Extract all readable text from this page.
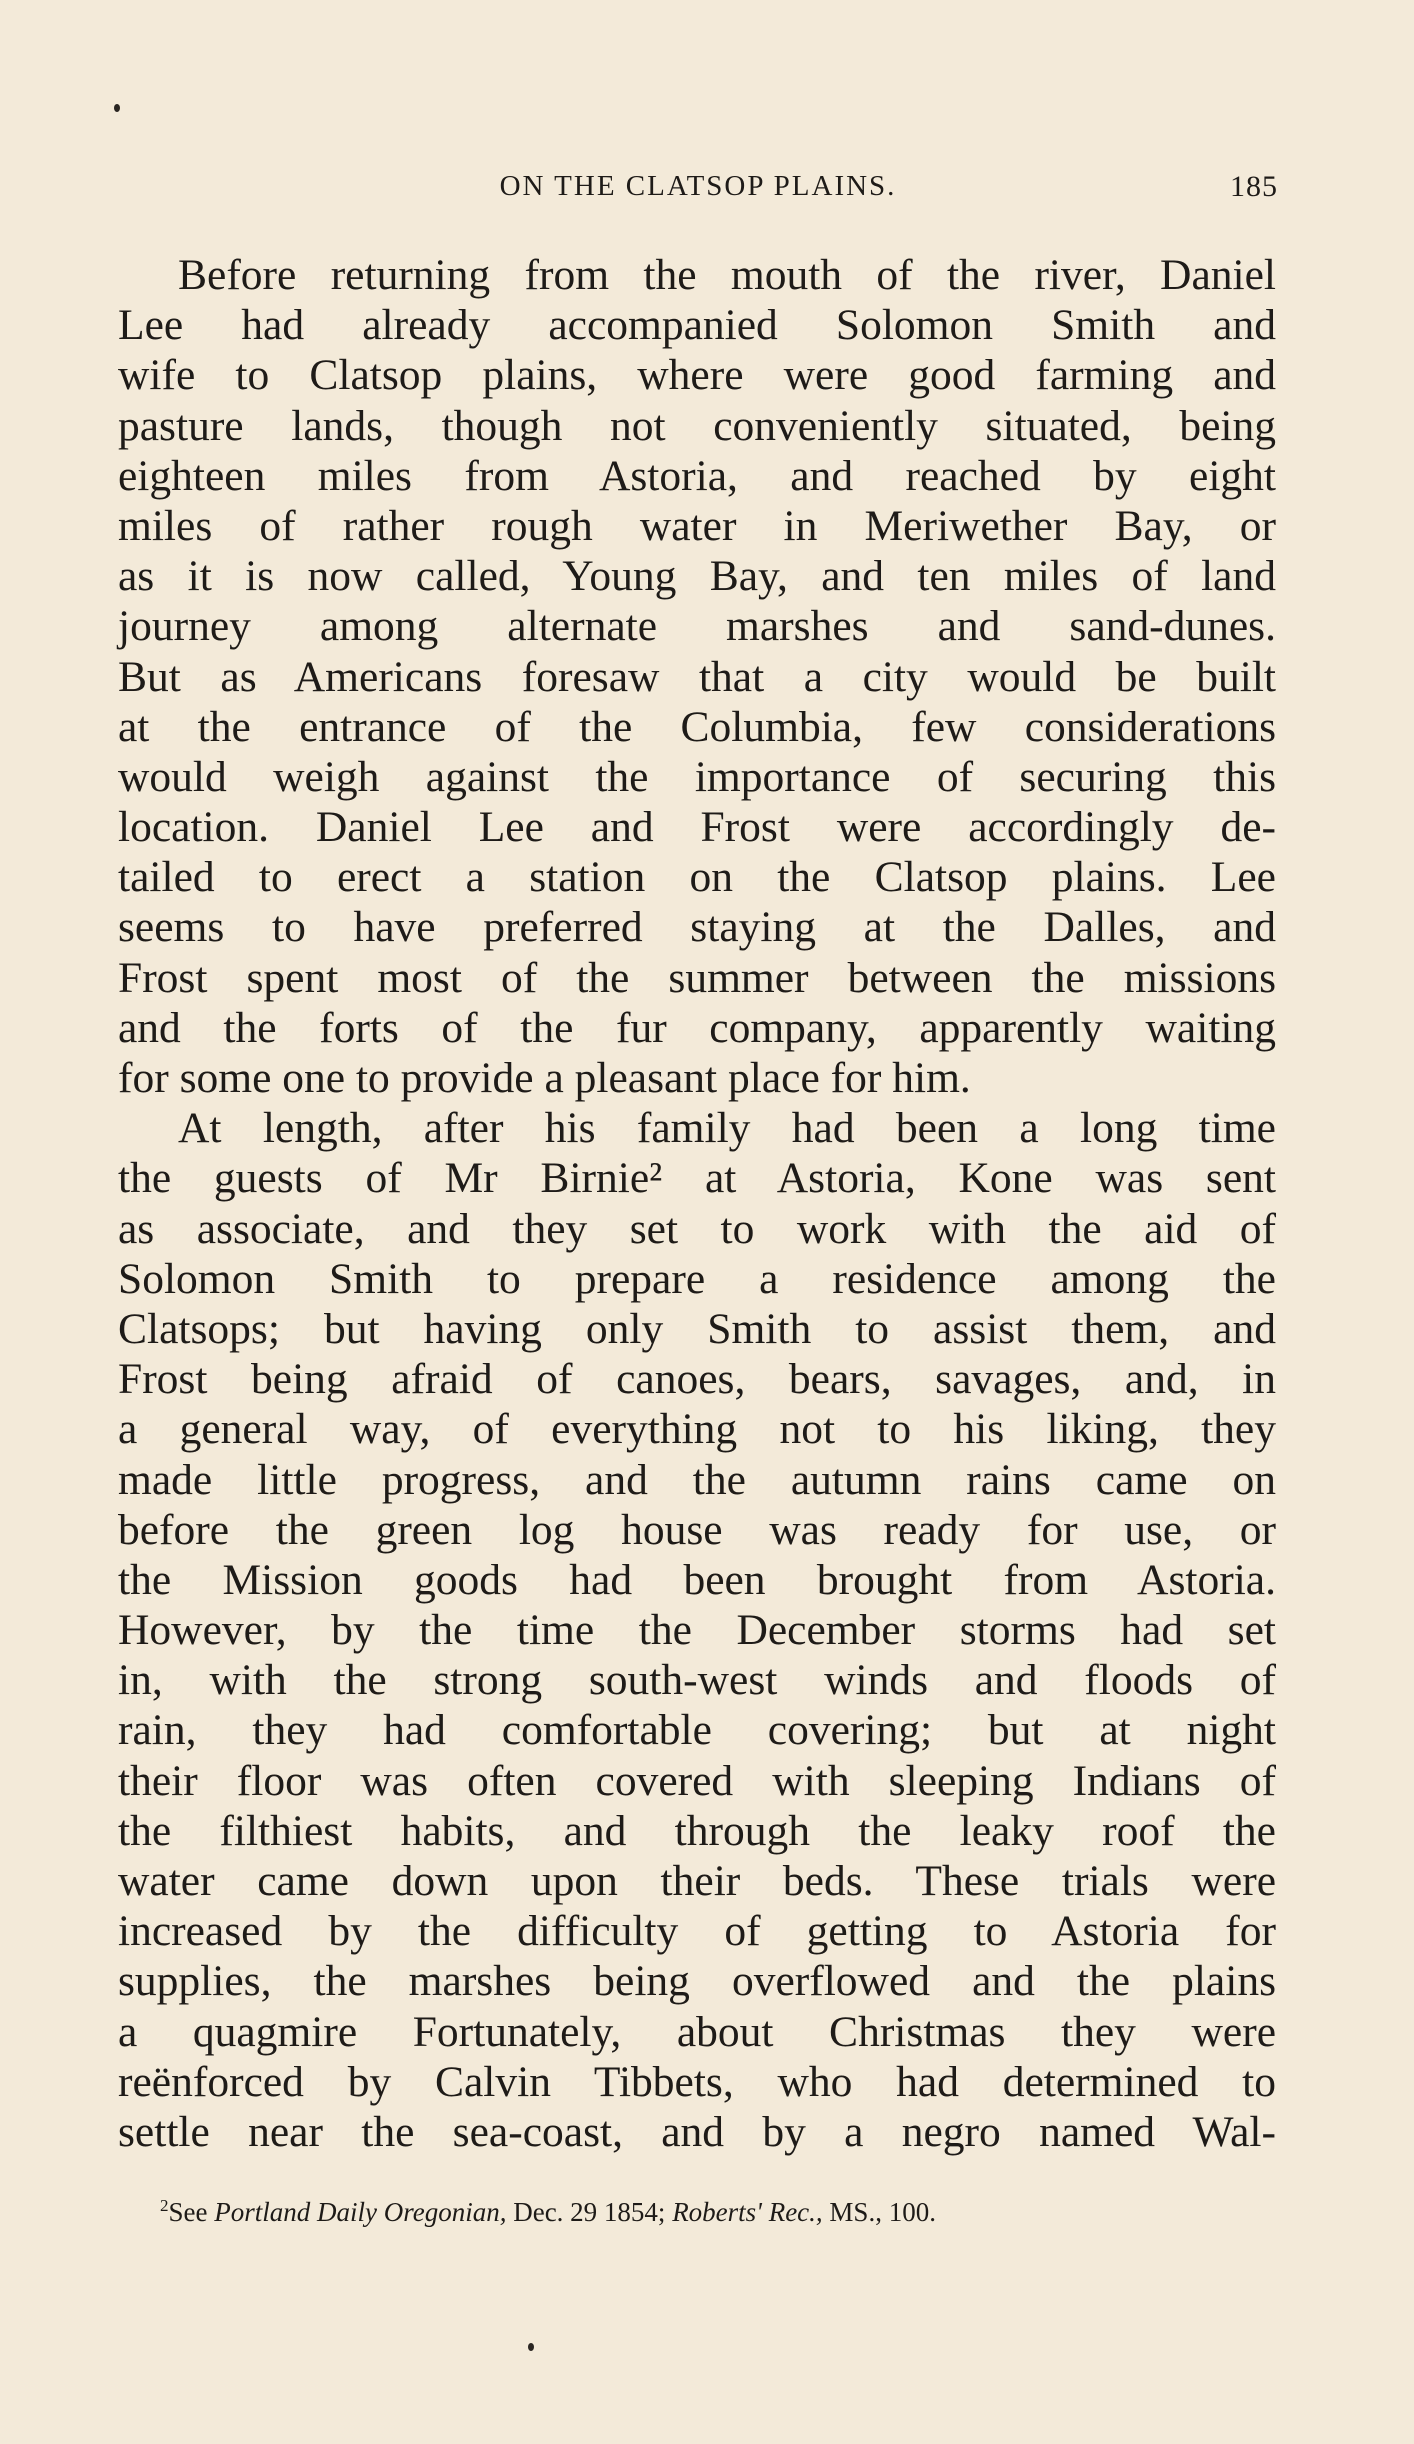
ON THE CLATSOP PLAINS.	185
Before returning from the mouth of the river, Daniel
Lee had already accompanied Solomon Smith and
wife to Clatsop plains, where were good farming and
pasture lands, though not conveniently situated, being
eighteen miles from Astoria, and reached by eight
miles of rather rough water in Meriwether Bay, or
as it is now called, Young Bay, and ten miles of land
journey among alternate marshes and sand-dunes.
But as Americans foresaw that a city would be built
at the entrance of the Columbia, few considerations
would weigh against the importance of securing this
location. Daniel Lee and Frost were accordingly de-
tailed to erect a station on the Clatsop plains. Lee
seems to have preferred staying at the Dalles, and
Frost spent most of the summer between the missions
and the forts of the fur company, apparently waiting
for some one to provide a pleasant place for him.
At length, after his family had been a long time
the guests of Mr Birnie² at Astoria, Kone was sent
as associate, and they set to work with the aid of
Solomon Smith to prepare a residence among the
Clatsops; but having only Smith to assist them, and
Frost being afraid of canoes, bears, savages, and, in
a general way, of everything not to his liking, they
made little progress, and the autumn rains came on
before the green log house was ready for use, or
the Mission goods had been brought from Astoria.
However, by the time the December storms had set
in, with the strong south-west winds and floods of
rain, they had comfortable covering; but at night
their floor was often covered with sleeping Indians of
the filthiest habits, and through the leaky roof the
water came down upon their beds. These trials were
increased by the difficulty of getting to Astoria for
supplies, the marshes being overflowed and the plains
a quagmire Fortunately, about Christmas they were
reënforced by Calvin Tibbets, who had determined to
settle near the sea-coast, and by a negro named Wal-
$^2$See Portland Daily Oregonian, Dec. 29 1854; Roberts' Rec., MS., 100.
